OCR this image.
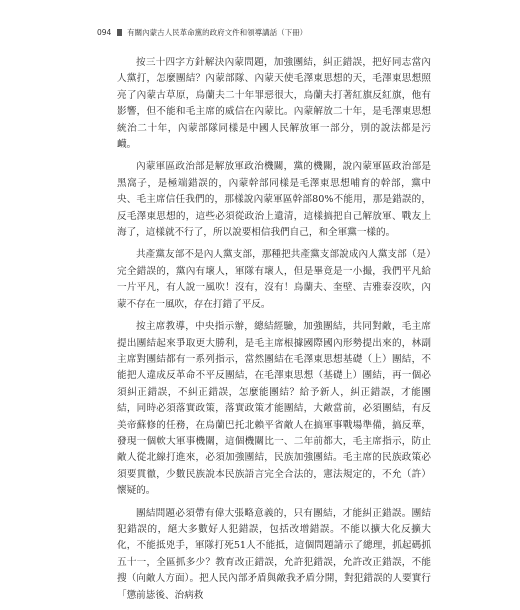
094 有關內蒙古人民革命黨的政府文件和領導講話（下冊）

按三十四字方針解決內蒙問題，加強團結，糾正錯誤，把好同志當內人黨打，怎麼團結？內蒙部隊、內蒙天使毛澤東思想的天，毛澤東思想照亮了內蒙古草原，烏蘭夫二十年罪惡很大，烏蘭夫打著紅旗反紅旗，他有影響，但不能和毛主席的威信在內蒙比。內蒙解放二十年，是毛澤東思想統治二十年，內蒙部隊同樣是中國人民解放軍一部分，別的說法都是污衊。

內蒙軍區政治部是解放軍政治機關，黨的機關，說內蒙軍區政治部是黑窩子，是極端錯誤的，內蒙幹部同樣是毛澤東思想哺育的幹部，黨中央、毛主席信任我們的，那樣說內蒙軍區幹部80%不能用，那是錯誤的，反毛澤東思想的，這些必須從政治上遺清，這樣搞把自己解放軍、戰友上海了，這樣就不行了，所以說要相信我們自己，和全軍黨一樣的。

共產黨友部不是內人黨支部，那種把共產黨支部說成內人黨支部（是）完全錯誤的，黨內有壞人，軍隊有壞人，但是畢竟是一小撮，我們平凡給一片平凡，有人說一風吹！沒有，沒有！烏蘭夫、奎壁、吉雅泰沒吹，內蒙不存在一風吹，存在打錯了平反。

按主席教導，中央指示辦，總結經驗，加強團結，共同對敵，毛主席提出團結起來爭取更大勝利，是毛主席根據國際國內形勢提出來的，林副主席對團結都有一系列指示，當然團結在毛澤東思想基礎（上）團結，不能把人違成反革命不平反團結，在毛澤東思想（基礎上）團結，再一個必須糾正錯誤，不糾正錯誤，怎麼能團結？給予新人，糾正錯誤，才能團結，同時必須落實政策，落實政策才能團結，大敵當前，必須團結，有反美帝蘇修的任務，在烏蘭巴托北賴平省敵人在搞軍事戰場準備，搞反華，發現一個軟大軍事機關，這個機關比一、二年前都大，毛主席指示，防止敵人從北線打進來，必須加強團結，民族加強團結。毛主席的民族政策必須要貫徹，少數民族說本民族語言完全合法的，憲法規定的，不允（許）懷疑的。

團結問題必須帶有偉大張略意義的，只有團結，才能糾正錯誤。團結犯錯誤的，絕大多數好人犯錯誤，包括改增錯誤。不能以擴大化反擴大化，不能抵兇手，軍隊打死51人不能抵，這個問題請示了總理，抓起碼抓五十一，全區抓多少？教育改正錯誤，允許犯錯誤，允許改正錯誤，不能搜（向敵人方面）。把人民內部矛盾與敵我矛盾分開，對犯錯誤的人要實行「懲前毖後、治病救
